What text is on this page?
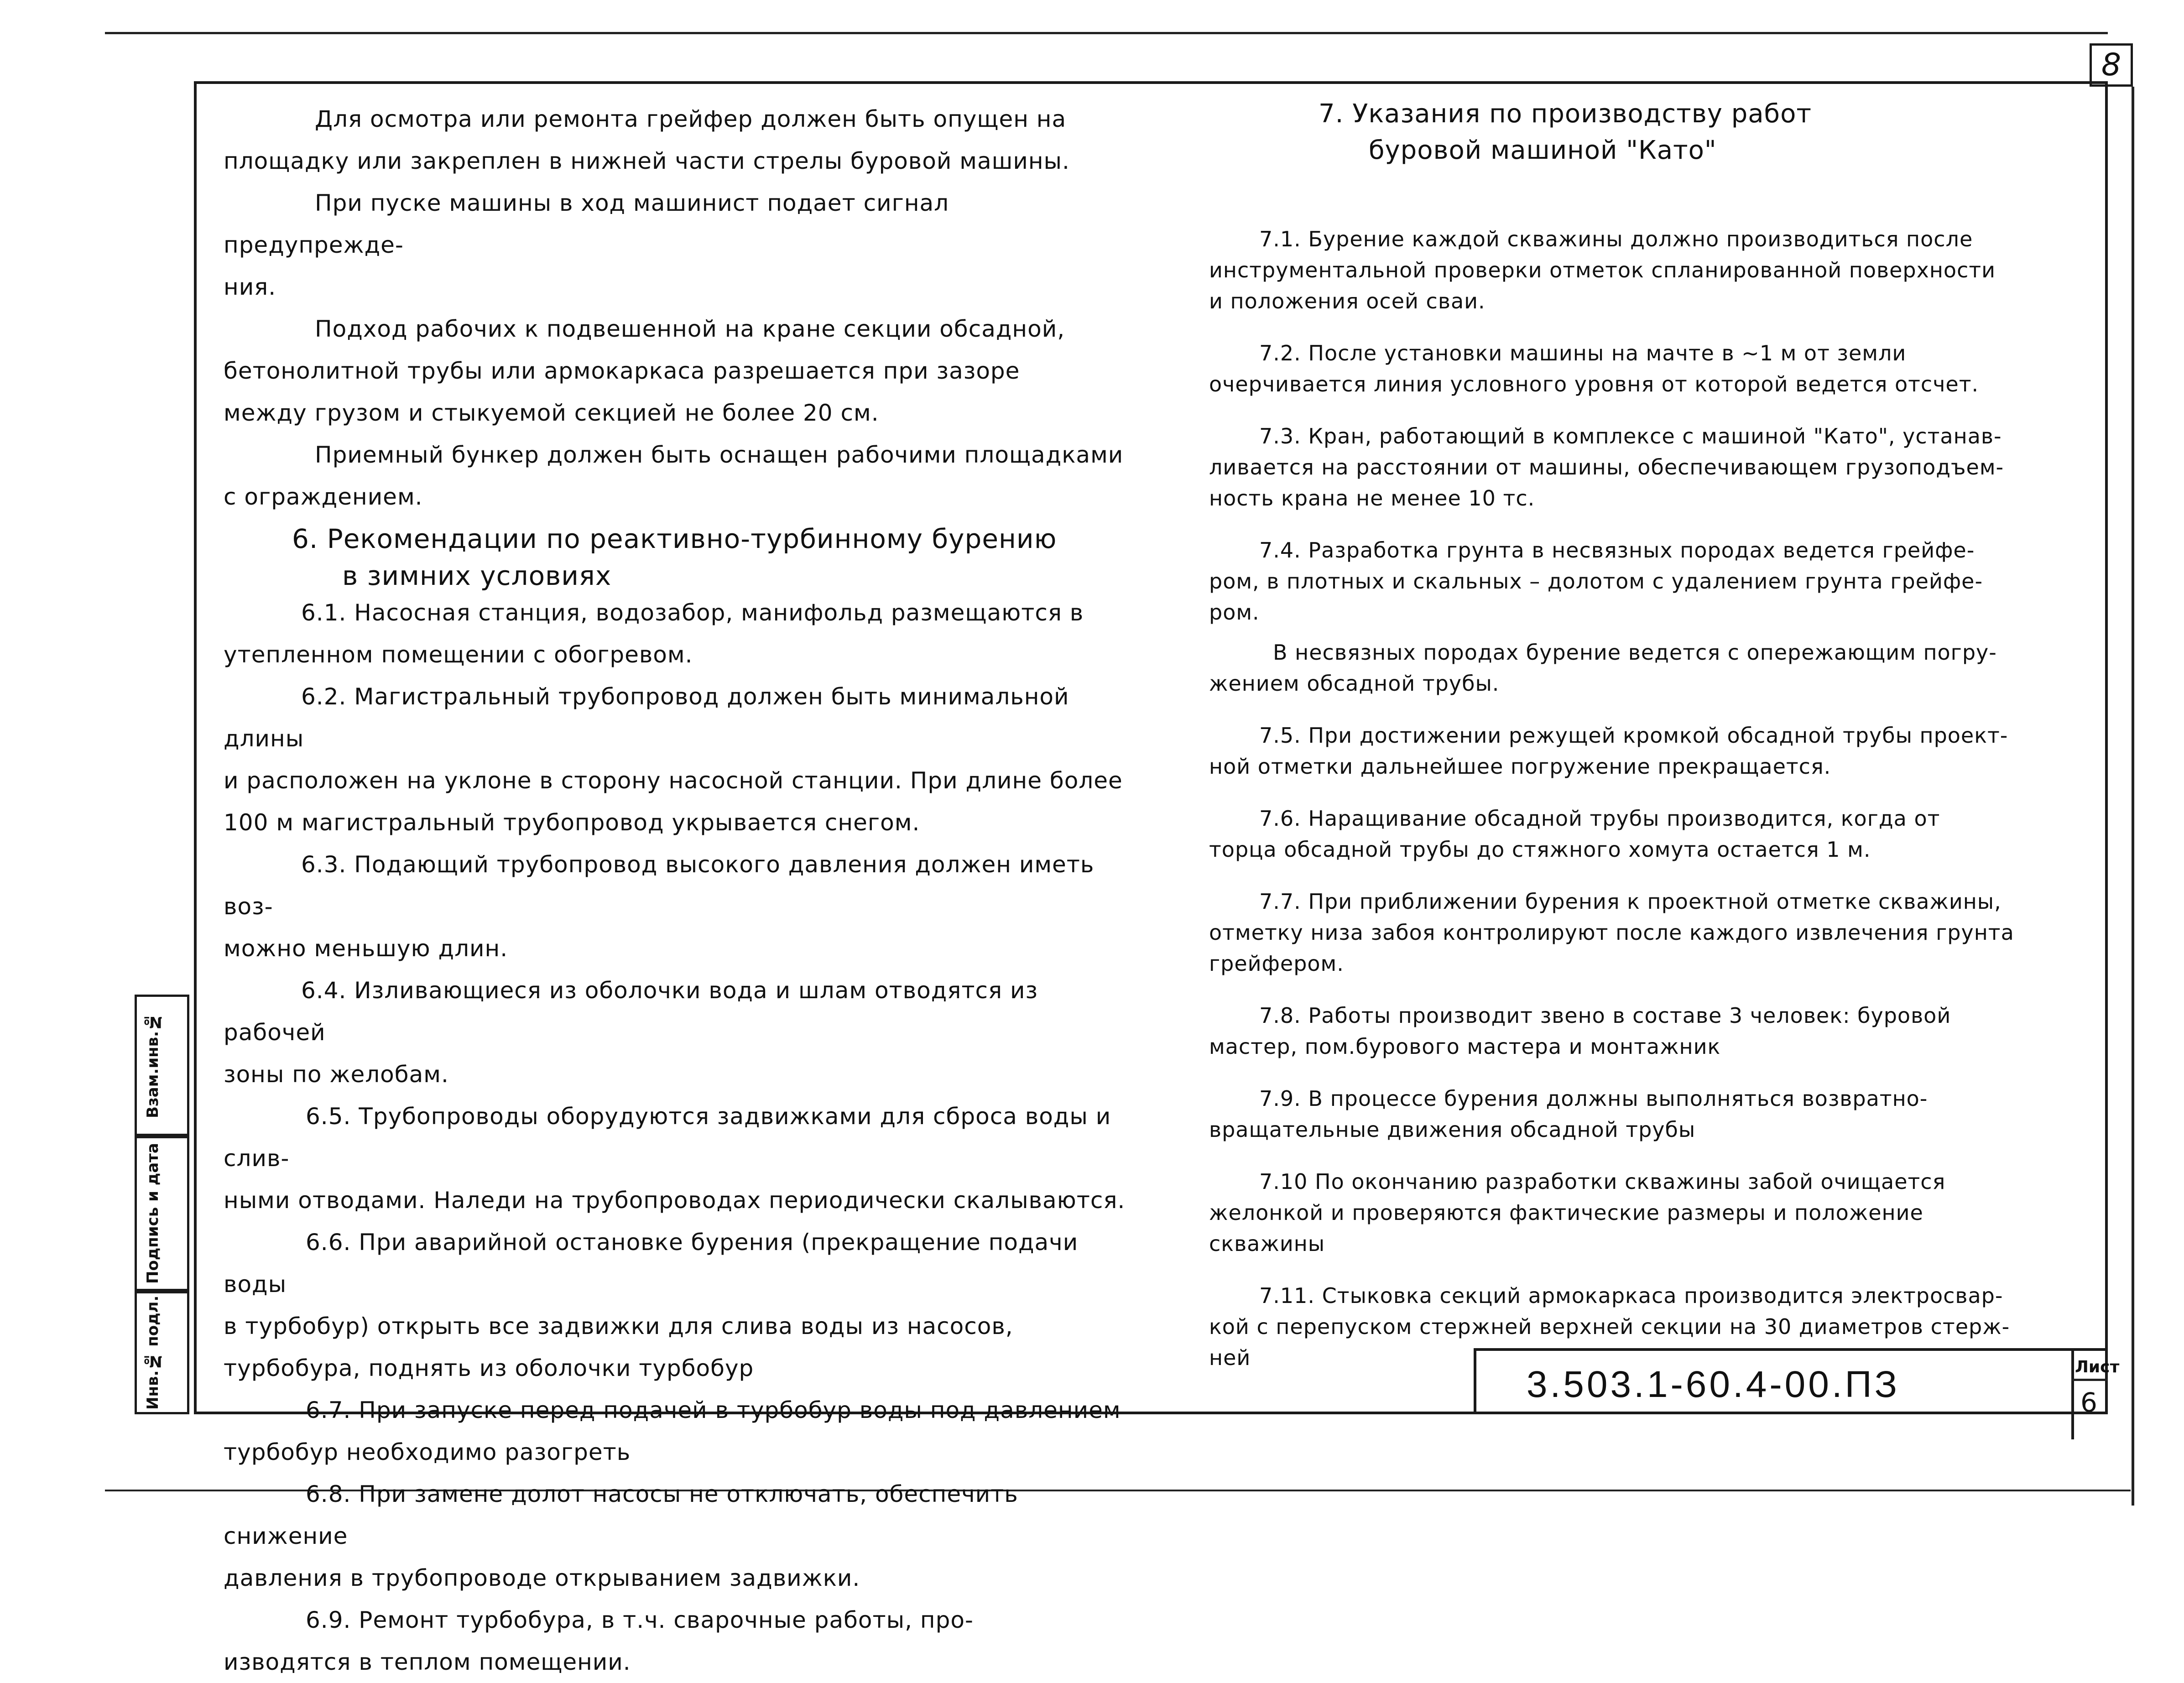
8
Взам.инв.№
Подпись и дата
Инв.№ подл.

Для осмотра или ремонта грейфер должен быть опущен на

площадку или закреплен в нижней части стрелы буровой машины.

При пуске машины в ход машинист подает сигнал предупрежде-

ния.

Подход рабочих к подвешенной на кране секции обсадной,

бетонолитной трубы или армокаркаса разрешается при зазоре

между грузом и стыкуемой секцией не более 20 см.

Приемный бункер должен быть оснащен рабочими площадками

с ограждением.

6. Рекомендации по реактивно-турбинному бурению

в зимних условиях

6.1. Насосная станция, водозабор, манифольд размещаются в

утепленном помещении с обогревом.

6.2. Магистральный трубопровод должен быть минимальной длины

и расположен на уклоне в сторону насосной станции. При длине более

100 м магистральный трубопровод укрывается снегом.

6.3. Подающий трубопровод высокого давления должен иметь воз-

можно меньшую длин.

6.4. Изливающиеся из оболочки вода и шлам отводятся из рабочей

зоны по желобам.

6.5. Трубопроводы оборудуются задвижками для сброса воды и слив-

ными отводами. Наледи на трубопроводах периодически скалываются.

6.6. При аварийной остановке бурения (прекращение подачи воды

в турбобур) открыть все задвижки для слива воды из насосов,

турбобура, поднять из оболочки турбобур

6.7. При запуске перед подачей в турбобур воды под давлением

турбобур необходимо разогреть

6.8. При замене долот насосы не отключать, обеспечить снижение

давления в трубопроводе открыванием задвижки.

6.9. Ремонт турбобура, в т.ч. сварочные работы, про-

изводятся в теплом помещении.

7. Указания по производству работ

буровой машиной "Като"

7.1. Бурение каждой скважины должно производиться после
инструментальной проверки отметок спланированной поверхности
и положения осей сваи.

7.2. После установки машины на мачте в ~1 м от земли
очерчивается линия условного уровня от которой ведется отсчет.

7.3. Кран, работающий в комплексе с машиной "Като", устанав-
ливается на расстоянии от машины, обеспечивающем грузоподъем-
ность крана не менее 10 тс.

7.4. Разработка грунта в несвязных породах ведется грейфе-
ром, в плотных и скальных – долотом с удалением грунта грейфе-
ром.

В несвязных породах бурение ведется с опережающим погру-
жением обсадной трубы.

7.5. При достижении режущей кромкой обсадной трубы проект-
ной отметки дальнейшее погружение прекращается.

7.6. Наращивание обсадной трубы производится, когда от
торца обсадной трубы до стяжного хомута остается 1 м.

7.7. При приближении бурения к проектной отметке скважины,
отметку низа забоя контролируют после каждого извлечения грунта
грейфером.

7.8. Работы производит звено в составе 3 человек: буровой
мастер, пом.бурового мастера и монтажник

7.9. В процессе бурения должны выполняться возвратно-
вращательные движения обсадной трубы

7.10 По окончанию разработки скважины забой очищается
желонкой и проверяются фактические размеры и положение скважины

7.11. Стыковка секций армокаркаса производится электросвар-
кой с перепуском стержней верхней секции на 30 диаметров стерж-
ней

3.503.1-60.4-00.ПЗ	Лист
6
